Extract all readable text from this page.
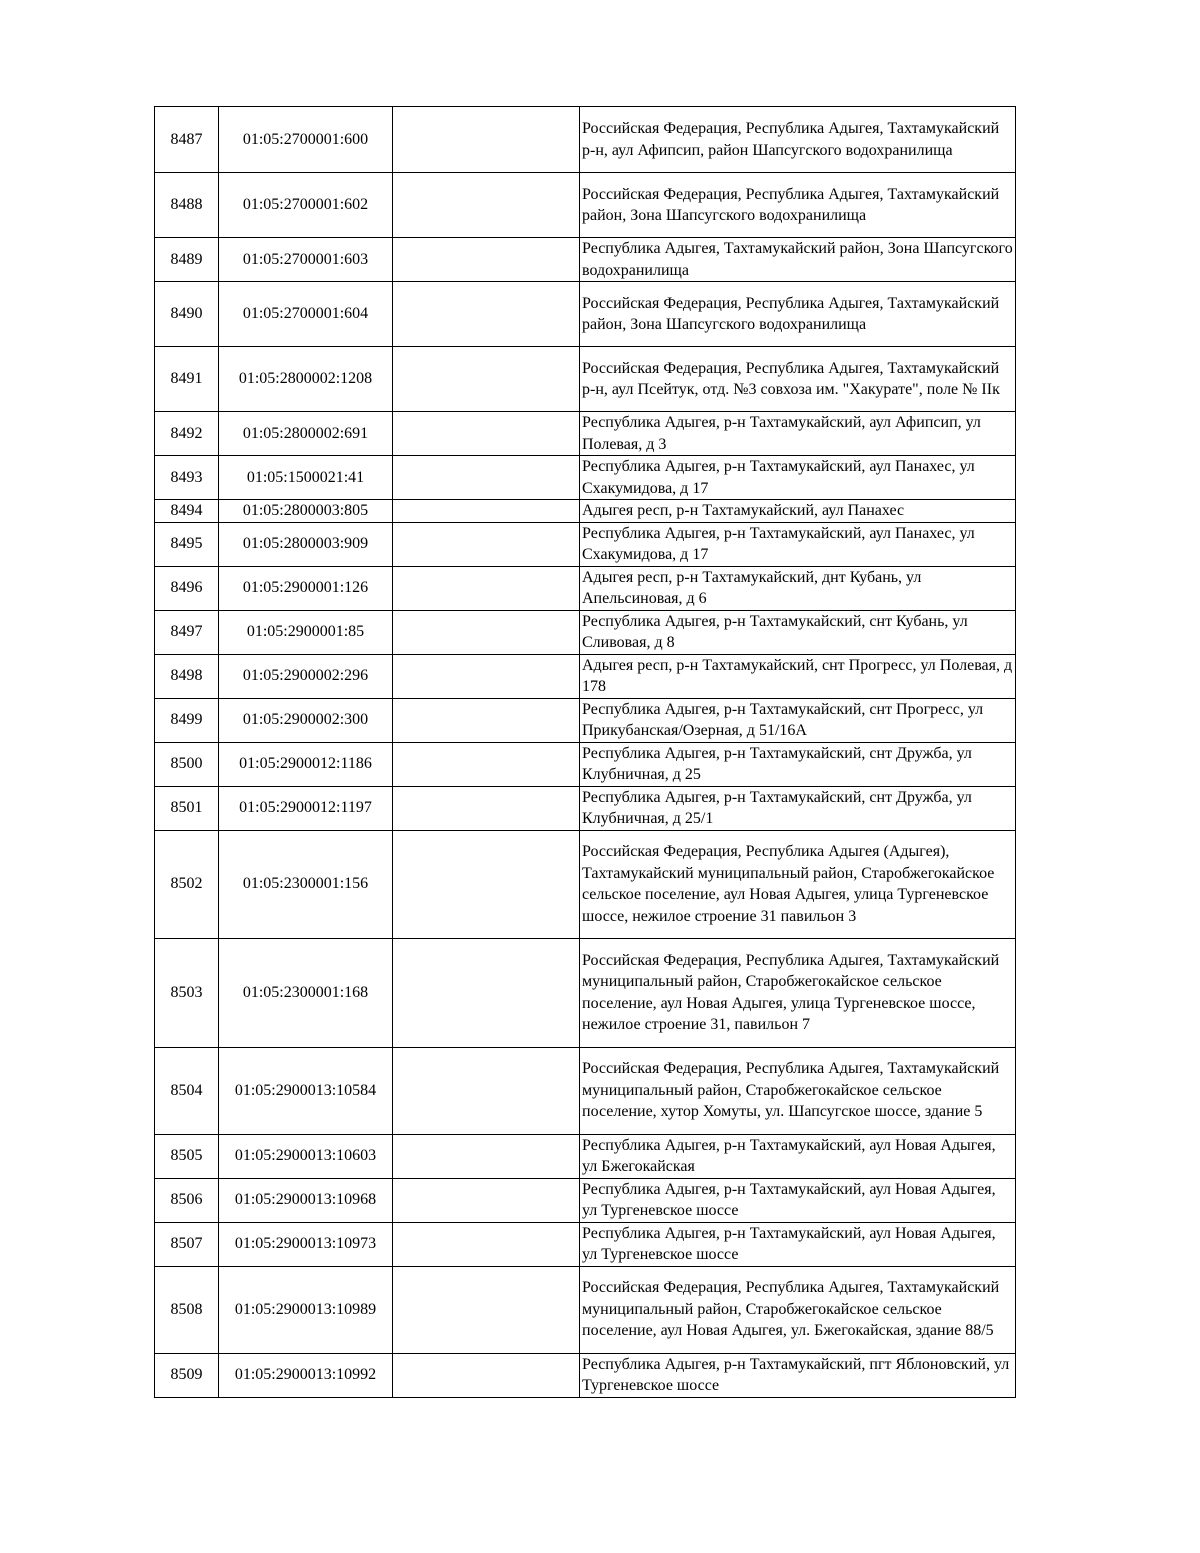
8487	01:05:2700001:600		Российская Федерация, Республика Адыгея, Тахтамукайский р-н, аул Афипсип, район Шапсугского водохранилища
8488	01:05:2700001:602		Российская Федерация, Республика Адыгея, Тахтамукайский район, Зона Шапсугского водохранилища
8489	01:05:2700001:603		Республика Адыгея, Тахтамукайский район, Зона Шапсугского водохранилища
8490	01:05:2700001:604		Российская Федерация, Республика Адыгея, Тахтамукайский район, Зона Шапсугского водохранилища
8491	01:05:2800002:1208		Российская Федерация, Республика Адыгея, Тахтамукайский р-н, аул Псейтук, отд. №3 совхоза им. "Хакурате", поле № IIк
8492	01:05:2800002:691		Республика Адыгея, р-н Тахтамукайский, аул Афипсип, ул Полевая, д 3
8493	01:05:1500021:41		Республика Адыгея, р-н Тахтамукайский, аул Панахес, ул Схакумидова, д 17
8494	01:05:2800003:805		Адыгея респ, р-н Тахтамукайский, аул Панахес
8495	01:05:2800003:909		Республика Адыгея, р-н Тахтамукайский, аул Панахес, ул Схакумидова, д 17
8496	01:05:2900001:126		Адыгея респ, р-н Тахтамукайский, днт Кубань, ул Апельсиновая, д 6
8497	01:05:2900001:85		Республика Адыгея, р-н Тахтамукайский, снт Кубань, ул Сливовая, д 8
8498	01:05:2900002:296		Адыгея респ, р-н Тахтамукайский, снт Прогресс, ул Полевая, д 178
8499	01:05:2900002:300		Республика Адыгея, р-н Тахтамукайский, снт Прогресс, ул Прикубанская/Озерная, д 51/16А
8500	01:05:2900012:1186		Республика Адыгея, р-н Тахтамукайский, снт Дружба, ул Клубничная, д 25
8501	01:05:2900012:1197		Республика Адыгея, р-н Тахтамукайский, снт Дружба, ул Клубничная, д 25/1
8502	01:05:2300001:156		Российская Федерация, Республика Адыгея (Адыгея), Тахтамукайский муниципальный район, Старобжегокайское сельское поселение, аул Новая Адыгея, улица Тургеневское шоссе, нежилое строение 31 павильон 3
8503	01:05:2300001:168		Российская Федерация, Республика Адыгея, Тахтамукайский муниципальный район, Старобжегокайское сельское поселение, аул Новая Адыгея, улица Тургеневское шоссе, нежилое строение 31, павильон 7
8504	01:05:2900013:10584		Российская Федерация, Республика Адыгея, Тахтамукайский муниципальный район, Старобжегокайское сельское поселение, хутор Хомуты, ул. Шапсугское шоссе, здание 5
8505	01:05:2900013:10603		Республика Адыгея, р-н Тахтамукайский, аул Новая Адыгея, ул Бжегокайская
8506	01:05:2900013:10968		Республика Адыгея, р-н Тахтамукайский, аул Новая Адыгея, ул Тургеневское шоссе
8507	01:05:2900013:10973		Республика Адыгея, р-н Тахтамукайский, аул Новая Адыгея, ул Тургеневское шоссе
8508	01:05:2900013:10989		Российская Федерация, Республика Адыгея, Тахтамукайский муниципальный район, Старобжегокайское сельское поселение, аул Новая Адыгея, ул. Бжегокайская, здание 88/5
8509	01:05:2900013:10992		Республика Адыгея, р-н Тахтамукайский, пгт Яблоновский, ул Тургеневское шоссе
